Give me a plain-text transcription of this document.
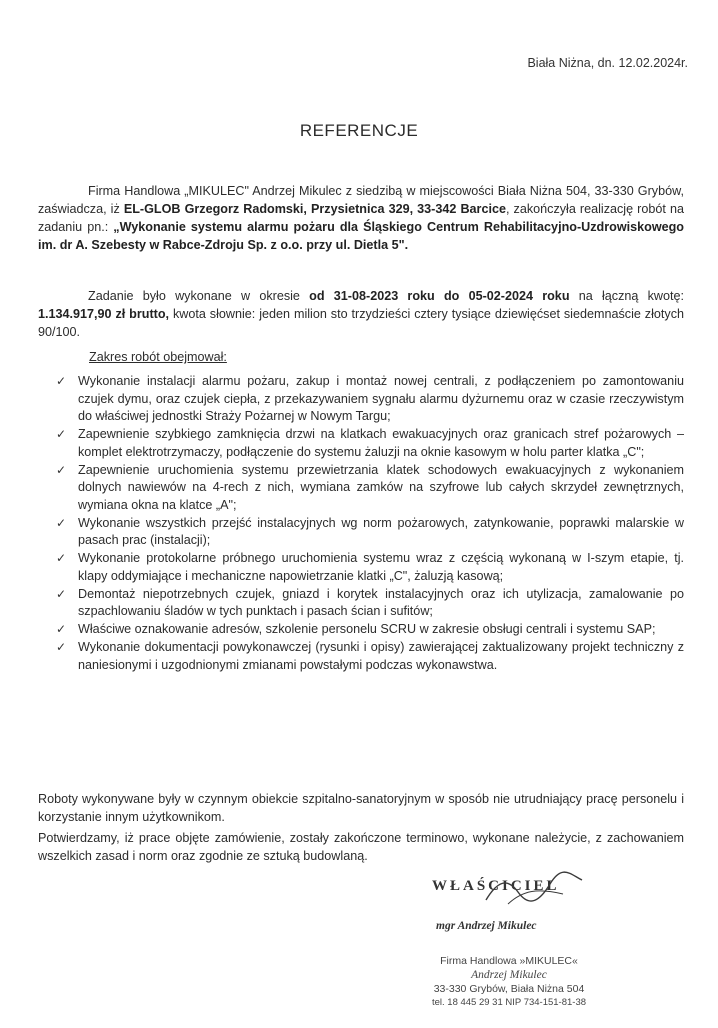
Biała Niżna, dn. 12.02.2024r.
REFERENCJE
Firma Handlowa „MIKULEC" Andrzej Mikulec z siedzibą w miejscowości Biała Niżna 504, 33-330 Grybów, zaświadcza, iż EL-GLOB Grzegorz Radomski, Przysietnica 329, 33-342 Barcice, zakończyła realizację robót na zadaniu pn.: „Wykonanie systemu alarmu pożaru dla Śląskiego Centrum Rehabilitacyjno-Uzdrowiskowego im. dr A. Szebesty w Rabce-Zdroju Sp. z o.o. przy ul. Dietla 5".
Zadanie było wykonane w okresie od 31-08-2023 roku do 05-02-2024 roku na łączną kwotę: 1.134.917,90 zł brutto, kwota słownie: jeden milion sto trzydzieści cztery tysiące dziewięćset siedemnaście złotych 90/100.
Zakres robót obejmował:
✓ Wykonanie instalacji alarmu pożaru, zakup i montaż nowej centrali, z podłączeniem po zamontowaniu czujek dymu, oraz czujek ciepła, z przekazywaniem sygnału alarmu dyżurnemu oraz w czasie rzeczywistym do właściwej jednostki Straży Pożarnej w Nowym Targu;
✓ Zapewnienie szybkiego zamknięcia drzwi na klatkach ewakuacyjnych oraz granicach stref pożarowych – komplet elektrotrzymaczy, podłączenie do systemu żaluzji na oknie kasowym w holu parter klatka „C";
✓ Zapewnienie uruchomienia systemu przewietrzania klatek schodowych ewakuacyjnych z wykonaniem dolnych nawiewów na 4-rech z nich, wymiana zamków na szyfrowe lub całych skrzydeł zewnętrznych, wymiana okna na klatce „A";
✓ Wykonanie wszystkich przejść instalacyjnych wg norm pożarowych, zatynkowanie, poprawki malarskie w pasach prac (instalacji);
✓ Wykonanie protokolarne próbnego uruchomienia systemu wraz z częścią wykonaną w I-szym etapie, tj. klapy oddymiające i mechaniczne napowietrzanie klatki „C", żaluzją kasową;
✓ Demontaż niepotrzebnych czujek, gniazd i korytek instalacyjnych oraz ich utylizacja, zamalowanie po szpachlowaniu śladów w tych punktach i pasach ścian i sufitów;
✓ Właściwe oznakowanie adresów, szkolenie personelu SCRU w zakresie obsługi centrali i systemu SAP;
✓ Wykonanie dokumentacji powykonawczej (rysunki i opisy) zawierającej zaktualizowany projekt techniczny z naniesionymi i uzgodnionymi zmianami powstałymi podczas wykonawstwa.
Roboty wykonywane były w czynnym obiekcie szpitalno-sanatoryjnym w sposób nie utrudniający pracę personelu i korzystanie innym użytkownikom.
Potwierdzamy, iż prace objęte zamówienie, zostały zakończone terminowo, wykonane należycie, z zachowaniem wszelkich zasad i norm oraz zgodnie ze sztuką budowlaną.
WŁAŚCICIEL
mgr Andrzej Mikulec
Firma Handlowa »MIKULEC«
Andrzej Mikulec
33-330 Grybów, Biała Niżna 504
tel. 18 445 29 31 NIP 734-151-81-38
